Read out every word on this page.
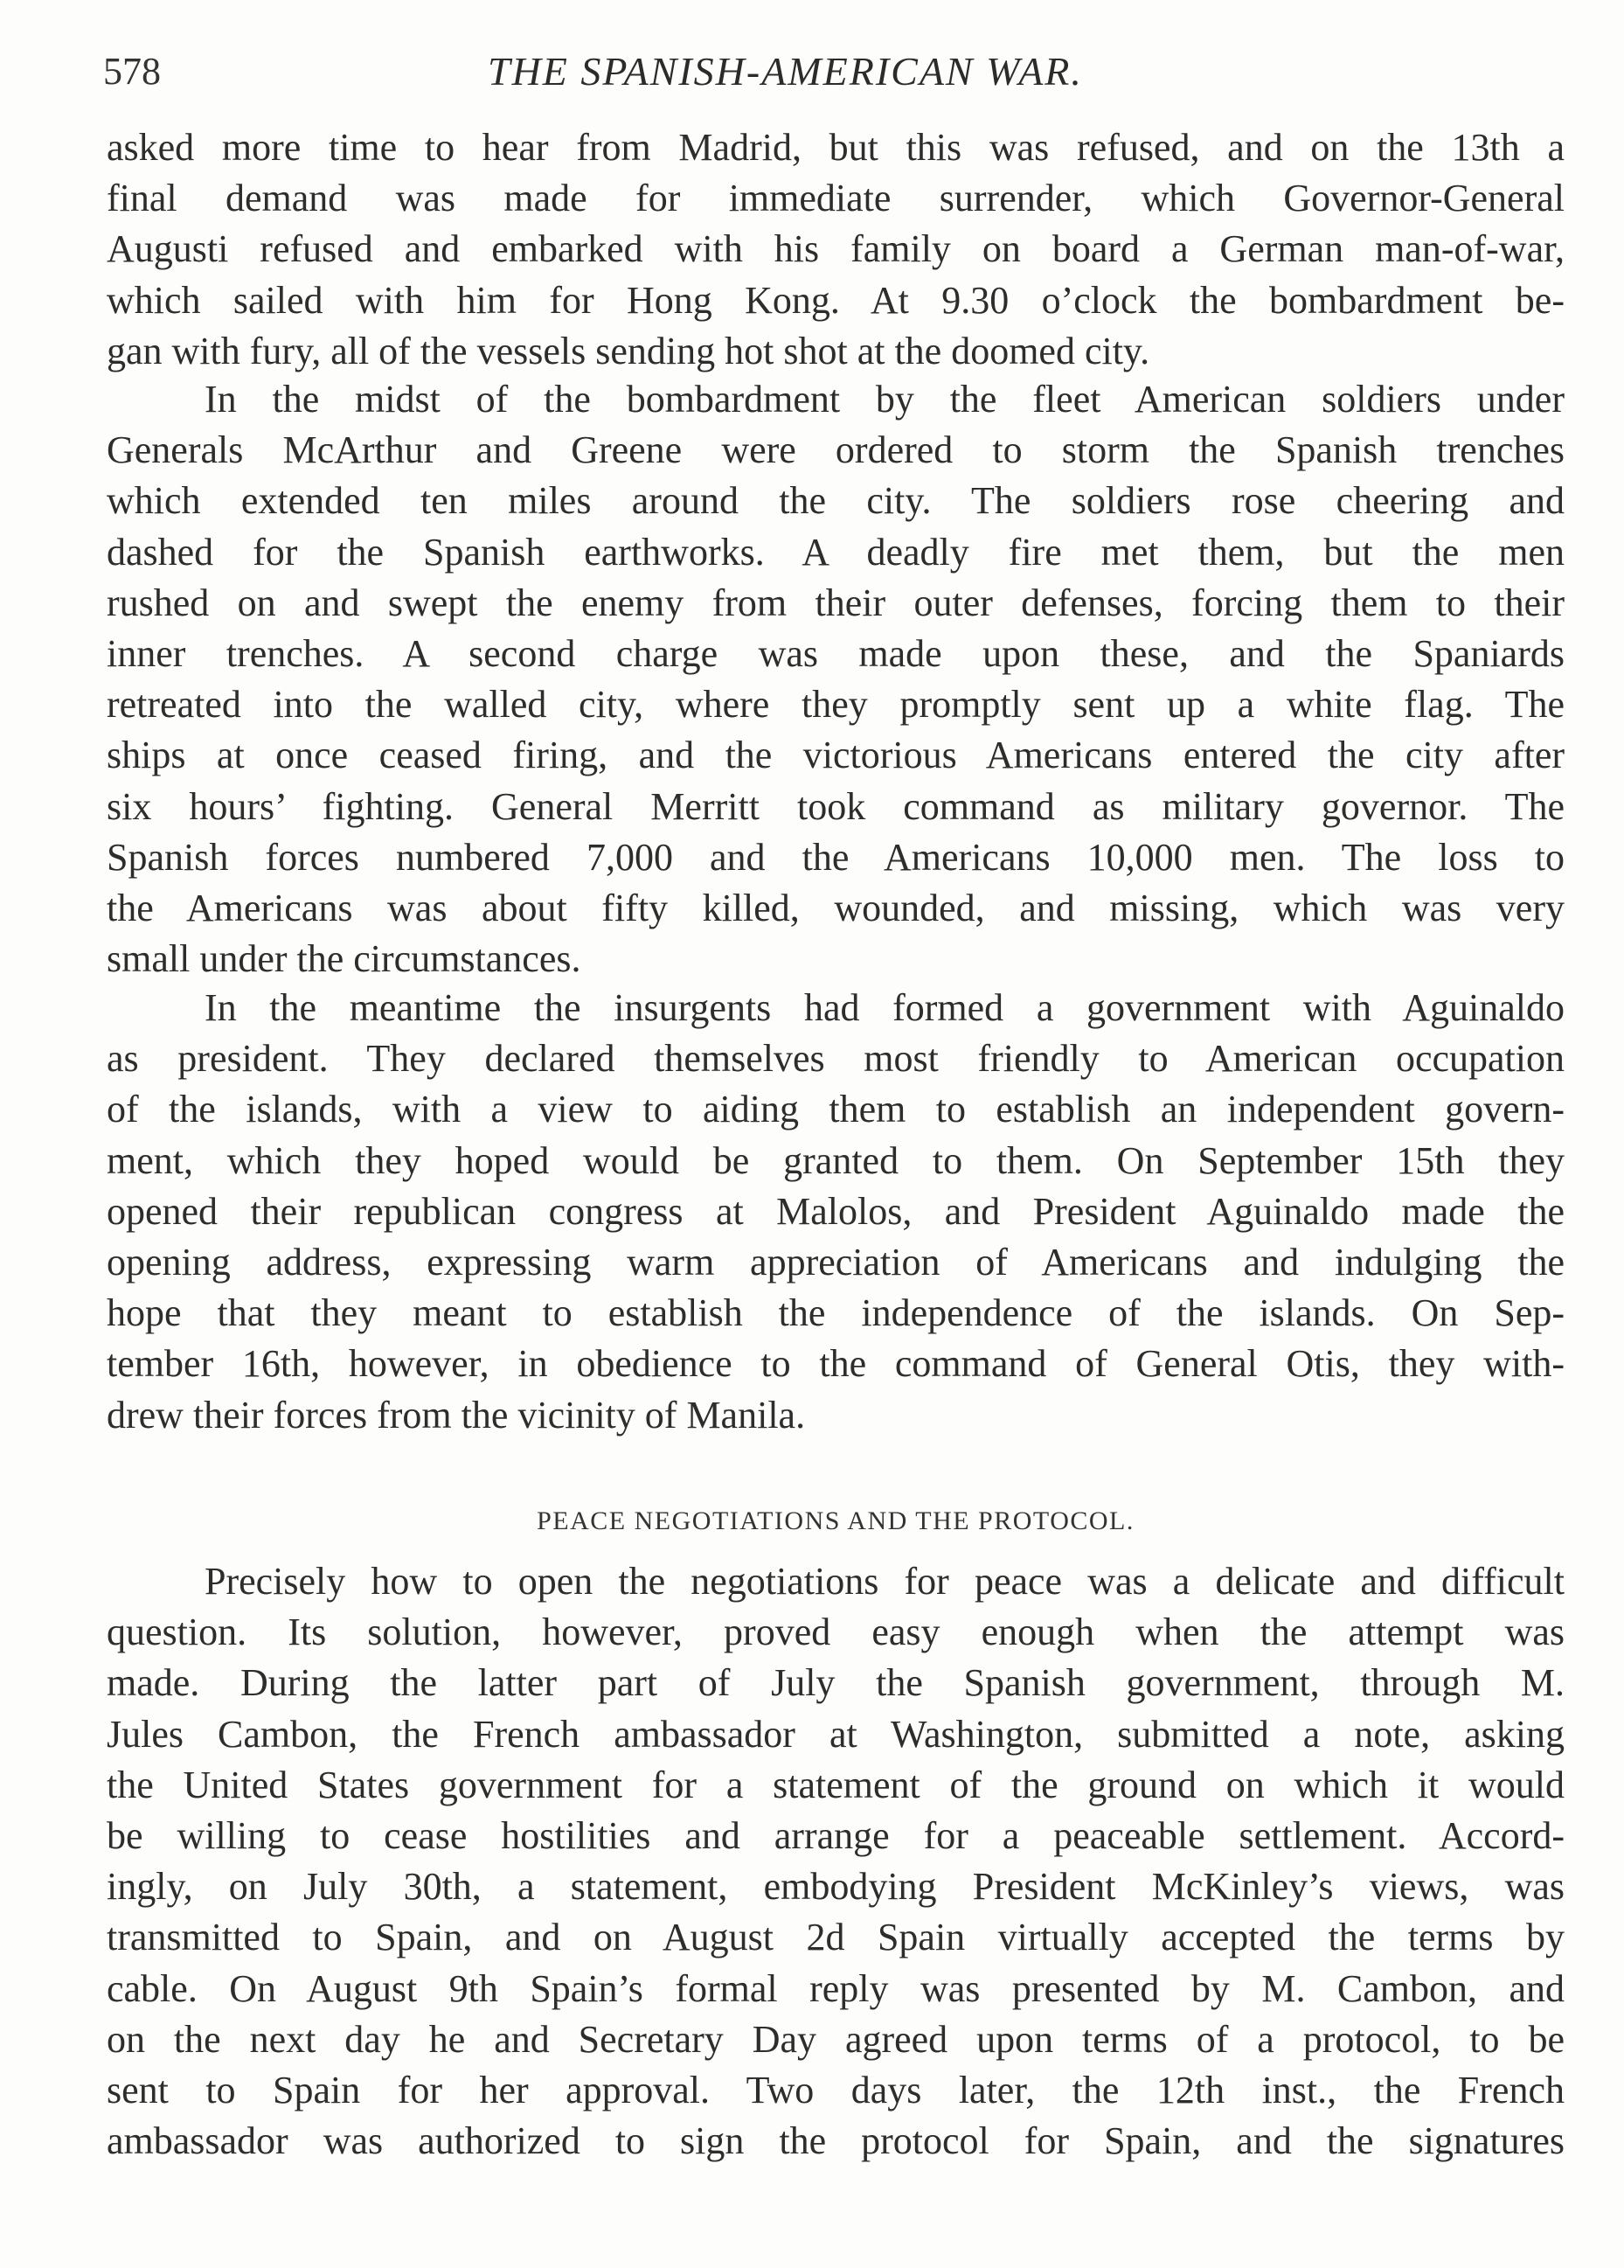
578	THE SPANISH-AMERICAN WAR.
asked more time to hear from Madrid, but this was refused, and on the 13th a
final demand was made for immediate surrender, which Governor-General
Augusti refused and embarked with his family on board a German man-of-war,
which sailed with him for Hong Kong. At 9.30 o’clock the bombardment be-
gan with fury, all of the vessels sending hot shot at the doomed city.
In the midst of the bombardment by the fleet American soldiers under
Generals McArthur and Greene were ordered to storm the Spanish trenches
which extended ten miles around the city. The soldiers rose cheering and
dashed for the Spanish earthworks. A deadly fire met them, but the men
rushed on and swept the enemy from their outer defenses, forcing them to their
inner trenches. A second charge was made upon these, and the Spaniards
retreated into the walled city, where they promptly sent up a white flag. The
ships at once ceased firing, and the victorious Americans entered the city after
six hours’ fighting. General Merritt took command as military governor. The
Spanish forces numbered 7,000 and the Americans 10,000 men. The loss to
the Americans was about fifty killed, wounded, and missing, which was very
small under the circumstances.
In the meantime the insurgents had formed a government with Aguinaldo
as president. They declared themselves most friendly to American occupation
of the islands, with a view to aiding them to establish an independent govern-
ment, which they hoped would be granted to them. On September 15th they
opened their republican congress at Malolos, and President Aguinaldo made the
opening address, expressing warm appreciation of Americans and indulging the
hope that they meant to establish the independence of the islands. On Sep-
tember 16th, however, in obedience to the command of General Otis, they with-
drew their forces from the vicinity of Manila.
PEACE NEGOTIATIONS AND THE PROTOCOL.
Precisely how to open the negotiations for peace was a delicate and difficult
question. Its solution, however, proved easy enough when the attempt was
made. During the latter part of July the Spanish government, through M.
Jules Cambon, the French ambassador at Washington, submitted a note, asking
the United States government for a statement of the ground on which it would
be willing to cease hostilities and arrange for a peaceable settlement. Accord-
ingly, on July 30th, a statement, embodying President McKinley’s views, was
transmitted to Spain, and on August 2d Spain virtually accepted the terms by
cable. On August 9th Spain’s formal reply was presented by M. Cambon, and
on the next day he and Secretary Day agreed upon terms of a protocol, to be
sent to Spain for her approval. Two days later, the 12th inst., the French
ambassador was authorized to sign the protocol for Spain, and the signatures
